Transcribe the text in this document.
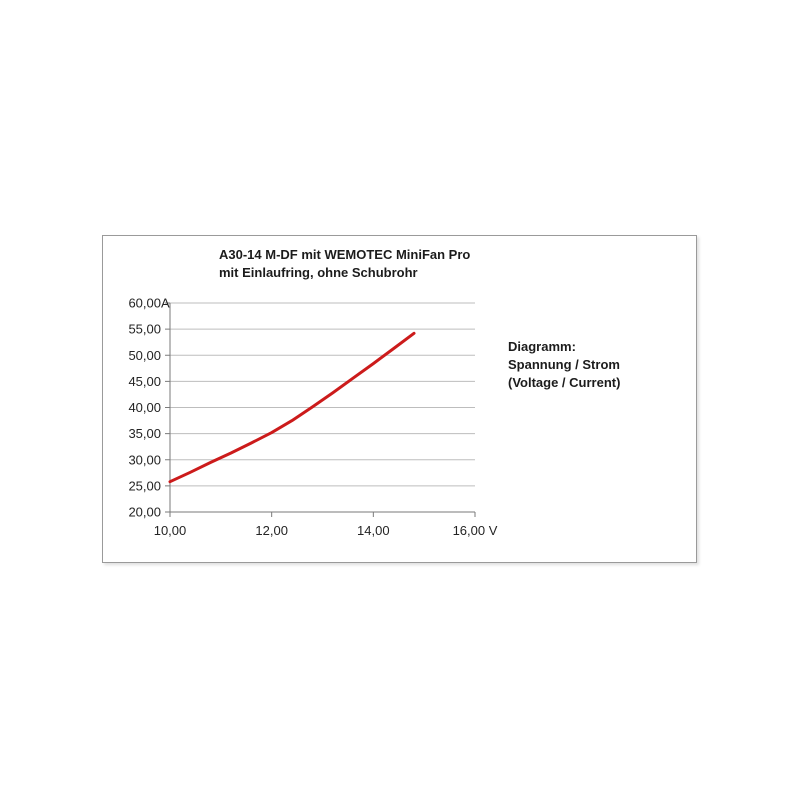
A30-14 M-DF mit WEMOTEC MiniFan Pro
mit Einlaufring, ohne Schubrohr
20,00
25,00
30,00
35,00
40,00
45,00
50,00
55,00
60,00 A
10,00	12,00	14,00	16,00 V
Diagramm:
Spannung / Strom
(Voltage / Current)
